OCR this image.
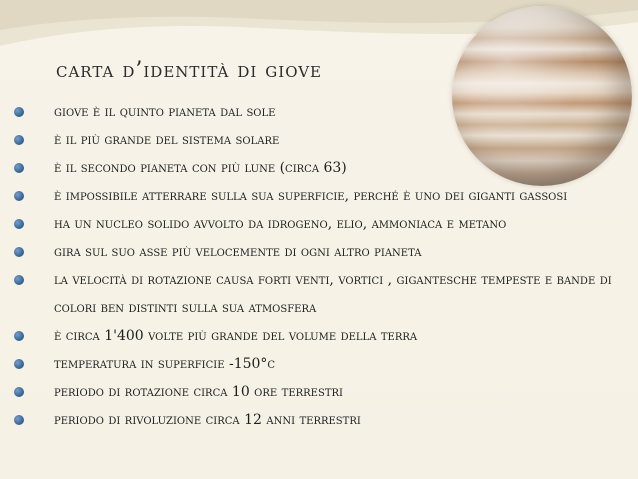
carta d’identità di giove
giove è il quinto pianeta dal sole
è il più grande del sistema solare
è il secondo pianeta con più lune (circa 63)
è impossibile atterrare sulla sua superficie, perché è uno dei giganti gassosi
ha un nucleo solido avvolto da idrogeno, elio, ammoniaca e metano
gira sul suo asse più velocemente di ogni altro pianeta
la velocità di rotazione causa forti venti, vortici , gigantesche tempeste e bande di colori ben distinti sulla sua atmosfera
è circa 1'400 volte più grande del volume della terra
temperatura in superficie -150°c
periodo di rotazione circa 10 ore terrestri
periodo di rivoluzione circa 12 anni terrestri
